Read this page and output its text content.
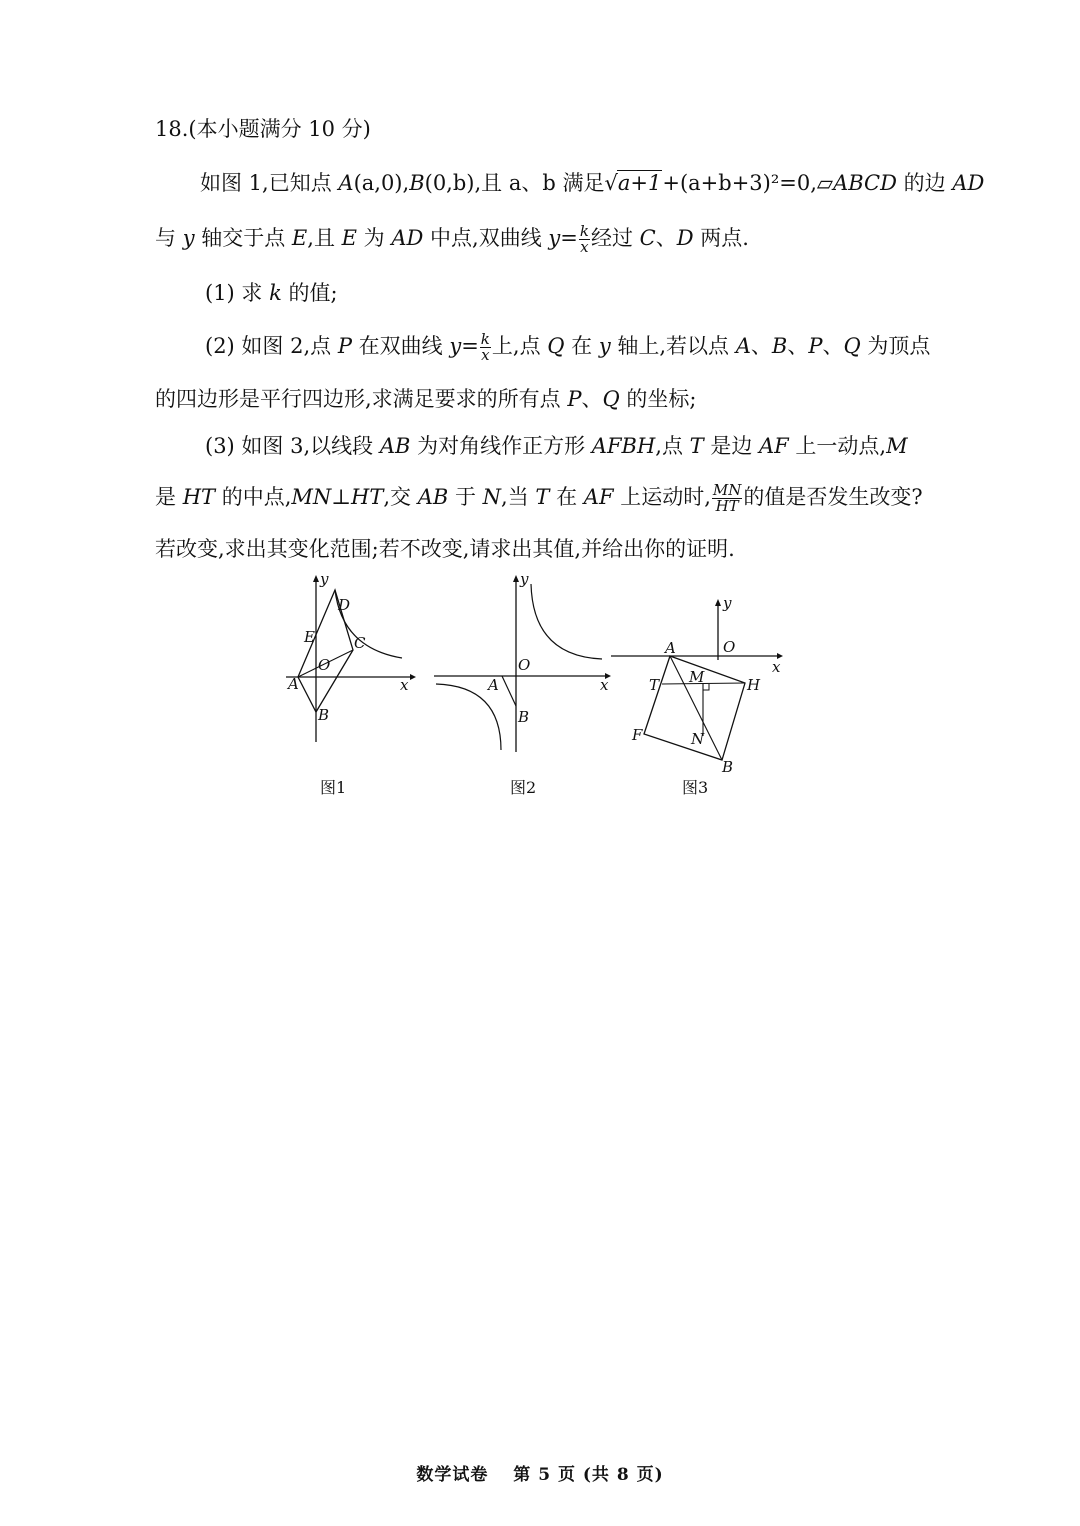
18.(本小题满分 10 分)
如图 1,已知点 A(a,0),B(0,b),且 a、b 满足√a+1+(a+b+3)²=0,▱ABCD 的边 AD
与 y 轴交于点 E,且 E 为 AD 中点,双曲线 $y= \frac{k}{x}$ 经过 C、D 两点.
(1) 求 k 的值;
(2) 如图 2,点 P 在双曲线 $y= \frac{k}{x}$ 上,点 Q 在 y 轴上,若以点 A、B、P、Q 为顶点
的四边形是平行四边形,求满足要求的所有点 P、Q 的坐标;
(3) 如图 3,以线段 AB 为对角线作正方形 AFBH,点 T 是边 AF 上一动点,M
是 HT 的中点,MN⊥HT,交 AB 于 N,当 T 在 AF 上运动时, $\frac{MN}{HT}$ 的值是否发生改变?
若改变,求出其变化范围;若不改变,请求出其值,并给出你的证明.
y
x
D
E	C
O
A
B
图1
y
x
O
A
B
图2
y
x
A	O
T M	H
N
F
B
图3
数学试卷　 第 5 页 (共 8 页)
